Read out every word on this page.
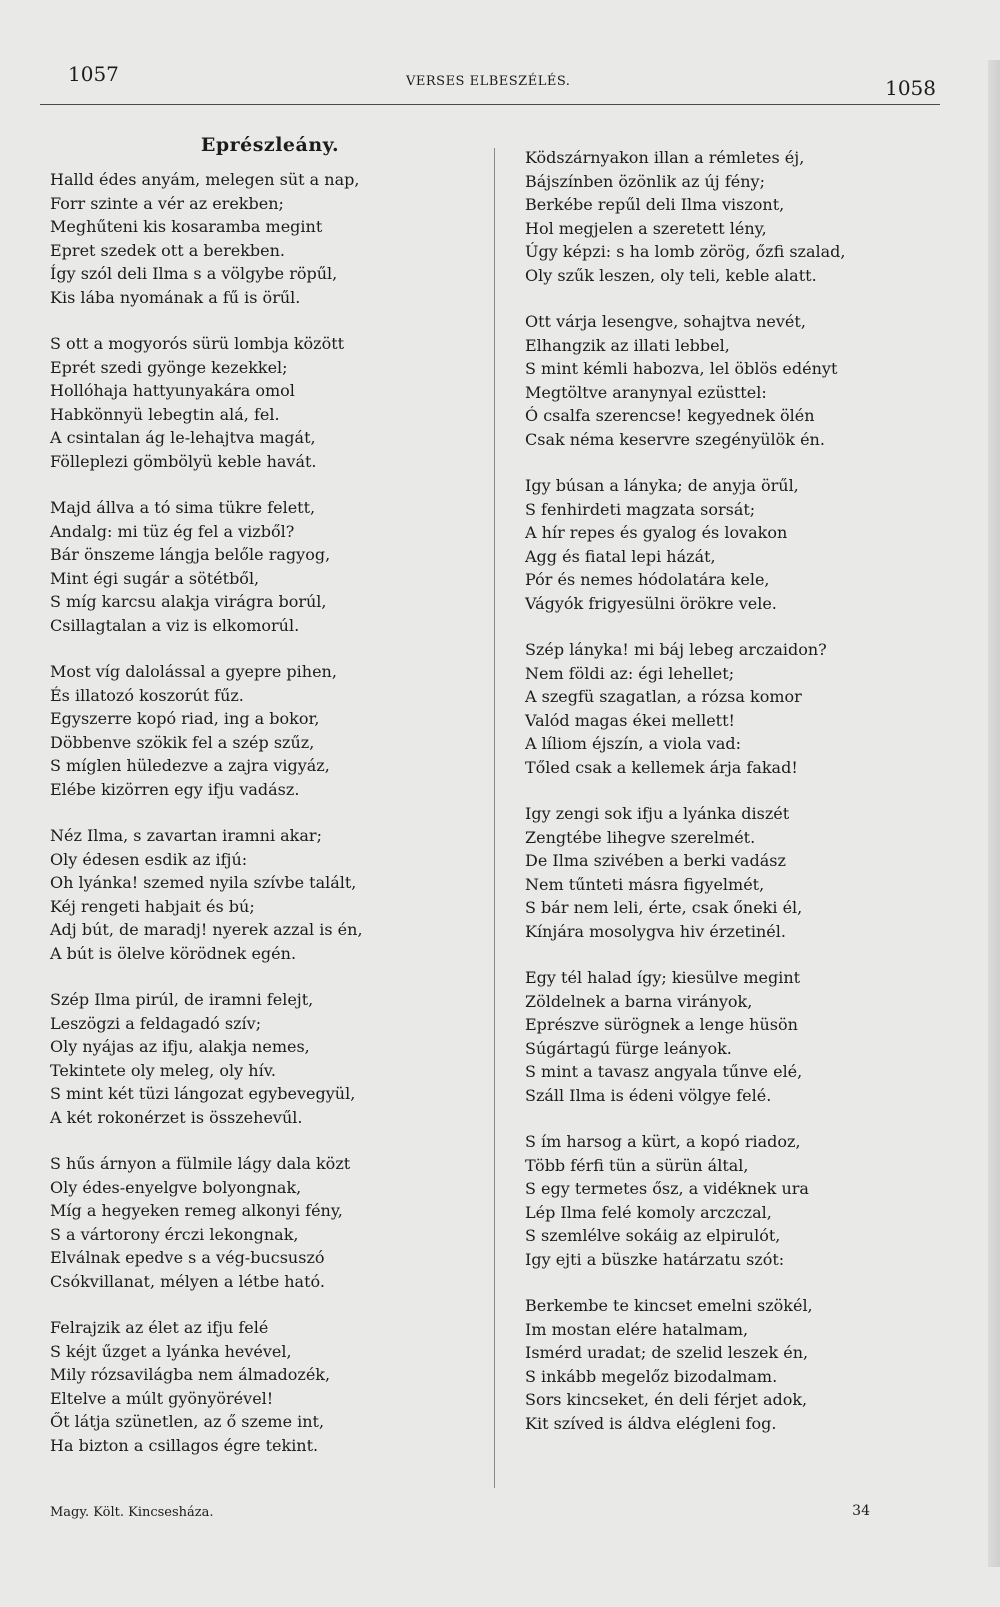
1057	VERSES ELBESZÉLÉS.	1058
Eprészleány.
Halld édes anyám, melegen süt a nap,
Forr szinte a vér az erekben;
Meghűteni kis kosaramba megint
Epret szedek ott a berekben.
Így szól deli Ilma s a völgybe röpűl,
Kis lába nyomának a fű is örűl.
S ott a mogyorós sürü lombja között
Eprét szedi gyönge kezekkel;
Hollóhaja hattyunyakára omol
Habkönnyü lebegtin alá, fel.
A csintalan ág le-lehajtva magát,
Fölleplezi gömbölyü keble havát.
Majd állva a tó sima tükre felett,
Andalg: mi tüz ég fel a vizből?
Bár önszeme lángja belőle ragyog,
Mint égi sugár a sötétből,
S míg karcsu alakja virágra borúl,
Csillagtalan a viz is elkomorúl.
Most víg dalolással a gyepre pihen,
És illatozó koszorút fűz.
Egyszerre kopó riad, ing a bokor,
Döbbenve szökik fel a szép szűz,
S míglen hüledezve a zajra vigyáz,
Elébe kizörren egy ifju vadász.
Néz Ilma, s zavartan iramni akar;
Oly édesen esdik az ifjú:
Oh lyánka! szemed nyila szívbe talált,
Kéj rengeti habjait és bú;
Adj bút, de maradj! nyerek azzal is én,
A bút is ölelve körödnek egén.
Szép Ilma pirúl, de iramni felejt,
Leszögzi a feldagadó szív;
Oly nyájas az ifju, alakja nemes,
Tekintete oly meleg, oly hív.
S mint két tüzi lángozat egybevegyül,
A két rokonérzet is összehevűl.
S hűs árnyon a fülmile lágy dala közt
Oly édes-enyelgve bolyongnak,
Míg a hegyeken remeg alkonyi fény,
S a vártorony érczi lekongnak,
Elválnak epedve s a vég-bucsuszó
Csókvillanat, mélyen a létbe ható.
Felrajzik az élet az ifju felé
S kéjt űzget a lyánka hevével,
Mily rózsavilágba nem álmadozék,
Eltelve a múlt gyönyörével!
Őt látja szünetlen, az ő szeme int,
Ha bizton a csillagos égre tekint.
Ködszárnyakon illan a rémletes éj,
Bájszínben özönlik az új fény;
Berkébe repűl deli Ilma viszont,
Hol megjelen a szeretett lény,
Úgy képzi: s ha lomb zörög, őzfi szalad,
Oly szűk leszen, oly teli, keble alatt.
Ott várja lesengve, sohajtva nevét,
Elhangzik az illati lebbel,
S mint kémli habozva, lel öblös edényt
Megtöltve aranynyal ezüsttel:
Ó csalfa szerencse! kegyednek ölén
Csak néma keservre szegényülök én.
Igy búsan a lányka; de anyja örűl,
S fenhirdeti magzata sorsát;
A hír repes és gyalog és lovakon
Agg és fiatal lepi házát,
Pór és nemes hódolatára kele,
Vágyók frigyesülni örökre vele.
Szép lányka! mi báj lebeg arczaidon?
Nem földi az: égi lehellet;
A szegfü szagatlan, a rózsa komor
Valód magas ékei mellett!
A líliom éjszín, a viola vad:
Tőled csak a kellemek árja fakad!
Igy zengi sok ifju a lyánka diszét
Zengtébe lihegve szerelmét.
De Ilma szivében a berki vadász
Nem tűnteti másra figyelmét,
S bár nem leli, érte, csak őneki él,
Kínjára mosolygva hiv érzetinél.
Egy tél halad így; kiesülve megint
Zöldelnek a barna virányok,
Eprészve sürögnek a lenge hüsön
Súgártagú fürge leányok.
S mint a tavasz angyala tűnve elé,
Száll Ilma is édeni völgye felé.
S ím harsog a kürt, a kopó riadoz,
Több férfi tün a sürün által,
S egy termetes ősz, a vidéknek ura
Lép Ilma felé komoly arczczal,
S szemlélve sokáig az elpirulót,
Igy ejti a büszke határzatu szót:
Berkembe te kincset emelni szökél,
Im mostan elére hatalmam,
Ismérd uradat; de szelid leszek én,
S inkább megelőz bizodalmam.
Sors kincseket, én deli férjet adok,
Kit szíved is áldva elégleni fog.
Magy. Költ. Kincsesháza.	34
